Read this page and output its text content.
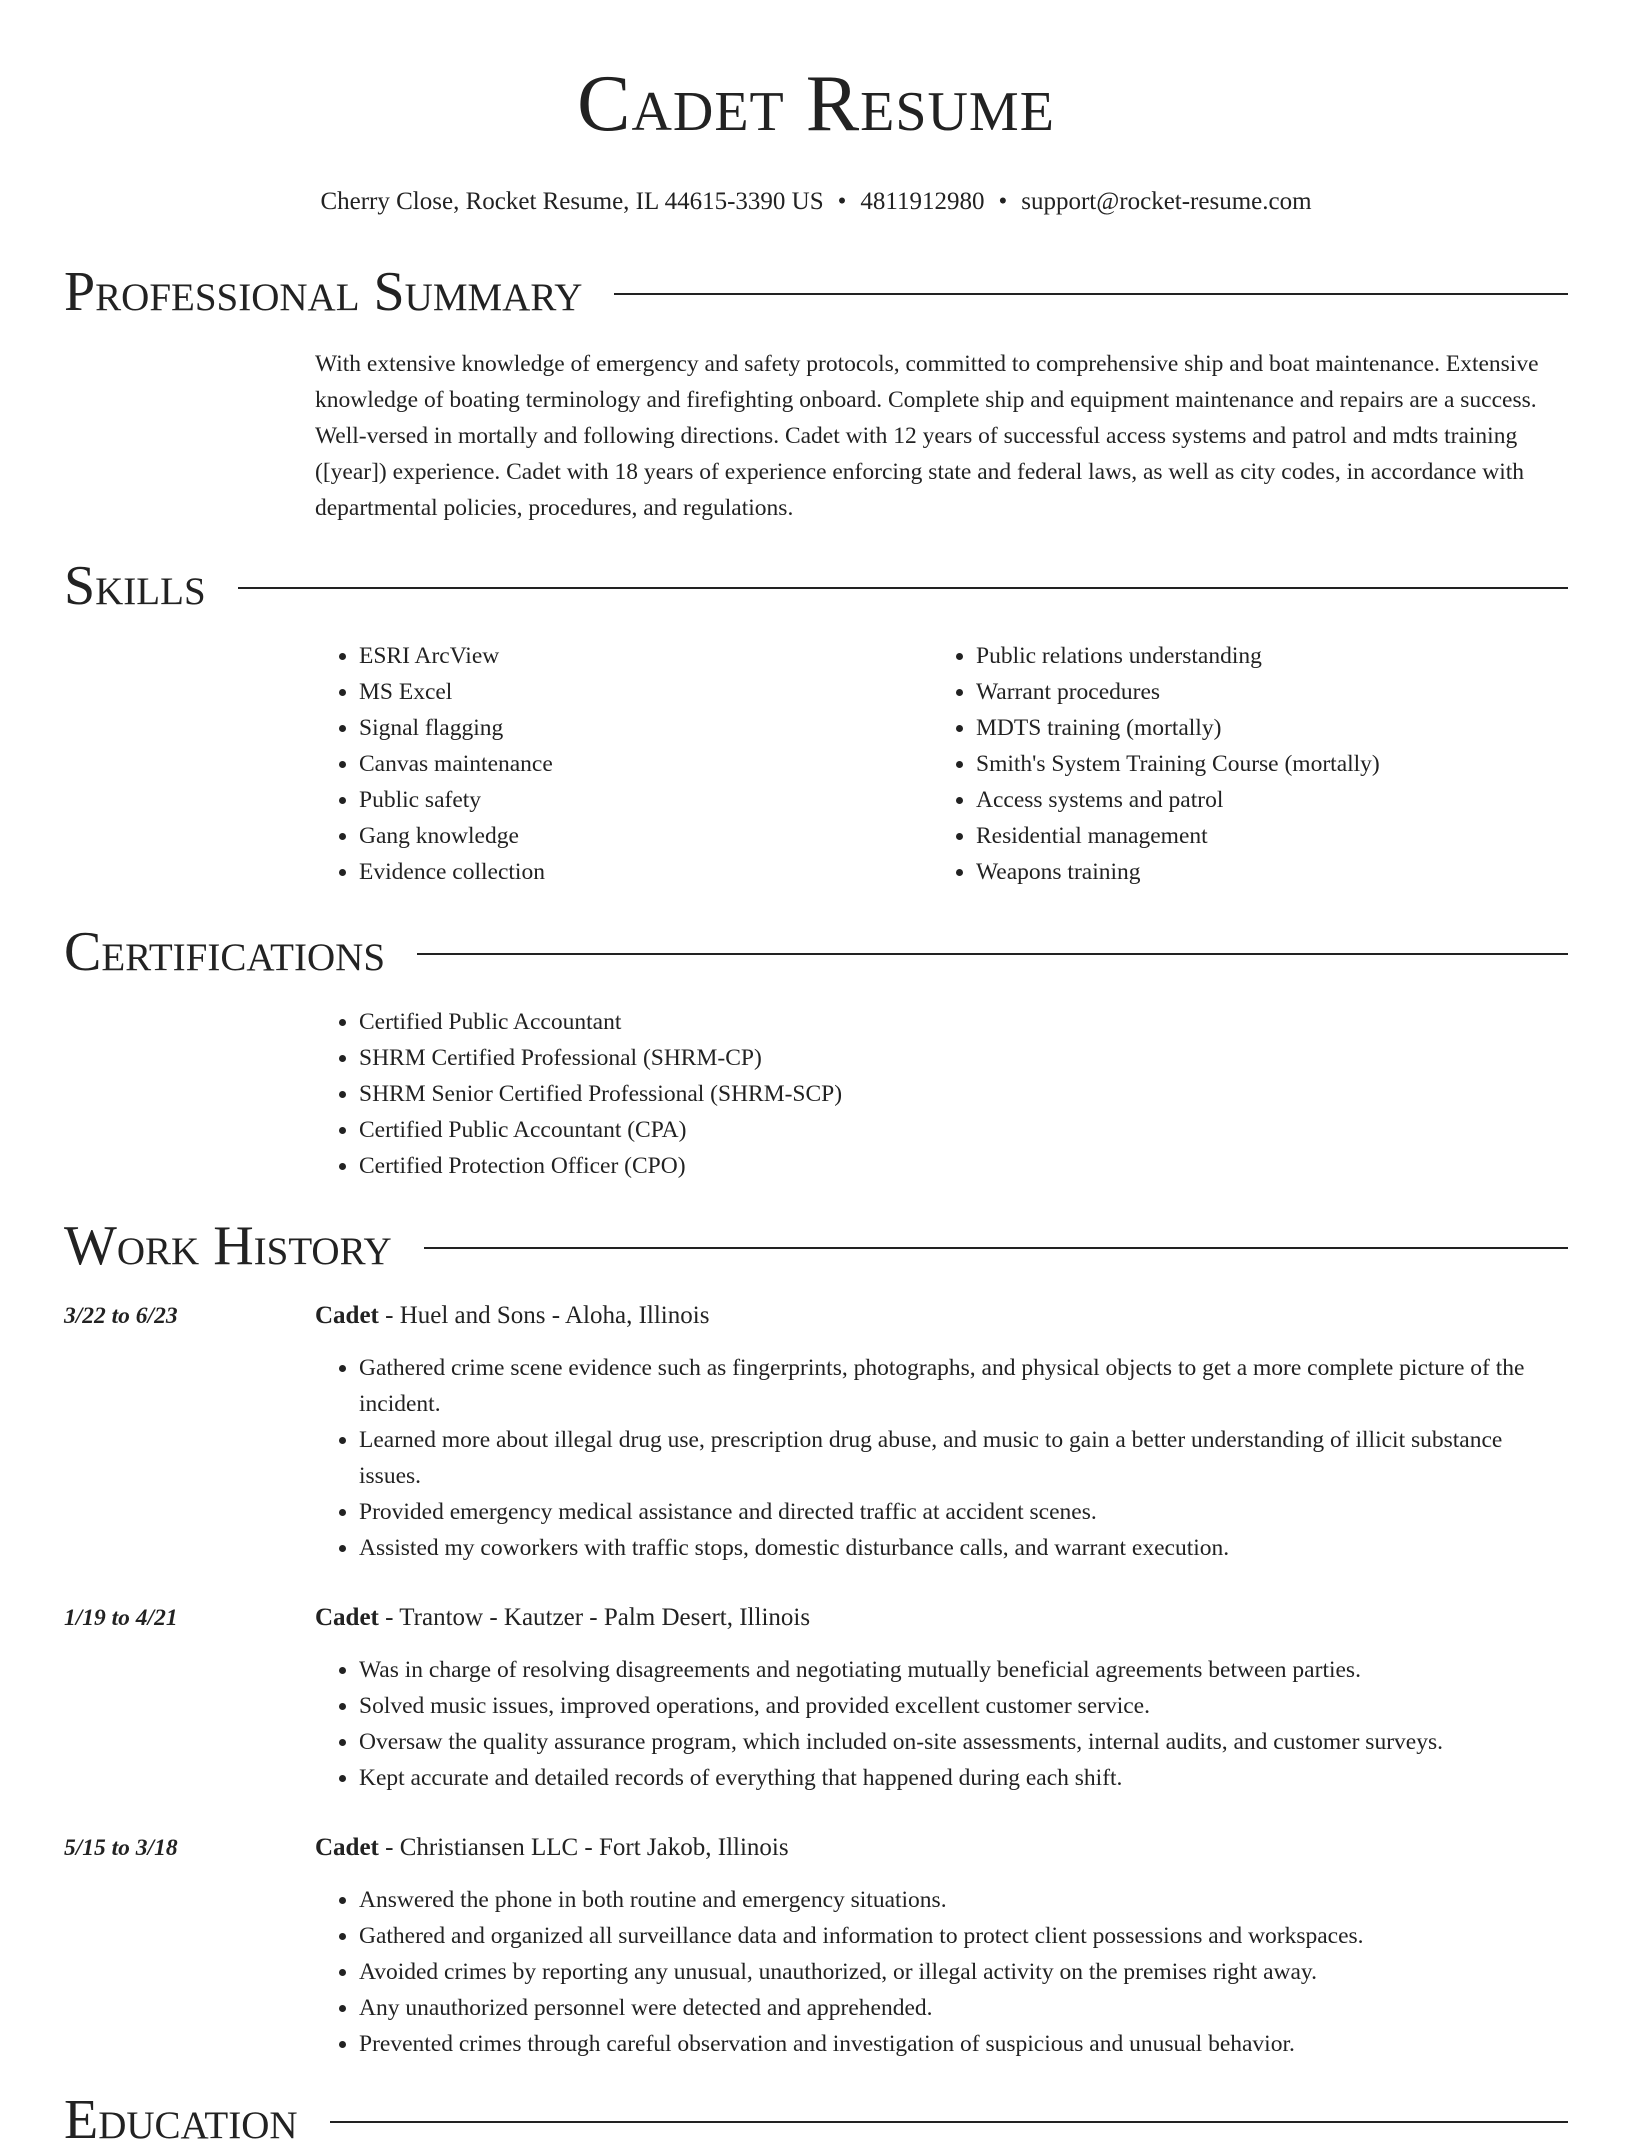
Cadet Resume
Cherry Close, Rocket Resume, IL 44615-3390 US • 4811912980 • support@rocket-resume.com
Professional Summary
With extensive knowledge of emergency and safety protocols, committed to comprehensive ship and boat maintenance. Extensive knowledge of boating terminology and firefighting onboard. Complete ship and equipment maintenance and repairs are a success. Well-versed in mortally and following directions. Cadet with 12 years of successful access systems and patrol and mdts training ([year]) experience. Cadet with 18 years of experience enforcing state and federal laws, as well as city codes, in accordance with departmental policies, procedures, and regulations.
Skills
• ESRI ArcView
• MS Excel
• Signal flagging
• Canvas maintenance
• Public safety
• Gang knowledge
• Evidence collection
• Public relations understanding
• Warrant procedures
• MDTS training (mortally)
• Smith's System Training Course (mortally)
• Access systems and patrol
• Residential management
• Weapons training
Certifications
• Certified Public Accountant
• SHRM Certified Professional (SHRM-CP)
• SHRM Senior Certified Professional (SHRM-SCP)
• Certified Public Accountant (CPA)
• Certified Protection Officer (CPO)
Work History
3/22 to 6/23	Cadet - Huel and Sons - Aloha, Illinois
• Gathered crime scene evidence such as fingerprints, photographs, and physical objects to get a more complete picture of the incident.
• Learned more about illegal drug use, prescription drug abuse, and music to gain a better understanding of illicit substance issues.
• Provided emergency medical assistance and directed traffic at accident scenes.
• Assisted my coworkers with traffic stops, domestic disturbance calls, and warrant execution.
1/19 to 4/21	Cadet - Trantow - Kautzer - Palm Desert, Illinois
• Was in charge of resolving disagreements and negotiating mutually beneficial agreements between parties.
• Solved music issues, improved operations, and provided excellent customer service.
• Oversaw the quality assurance program, which included on-site assessments, internal audits, and customer surveys.
• Kept accurate and detailed records of everything that happened during each shift.
5/15 to 3/18	Cadet - Christiansen LLC - Fort Jakob, Illinois
• Answered the phone in both routine and emergency situations.
• Gathered and organized all surveillance data and information to protect client possessions and workspaces.
• Avoided crimes by reporting any unusual, unauthorized, or illegal activity on the premises right away.
• Any unauthorized personnel were detected and apprehended.
• Prevented crimes through careful observation and investigation of suspicious and unusual behavior.
Education
